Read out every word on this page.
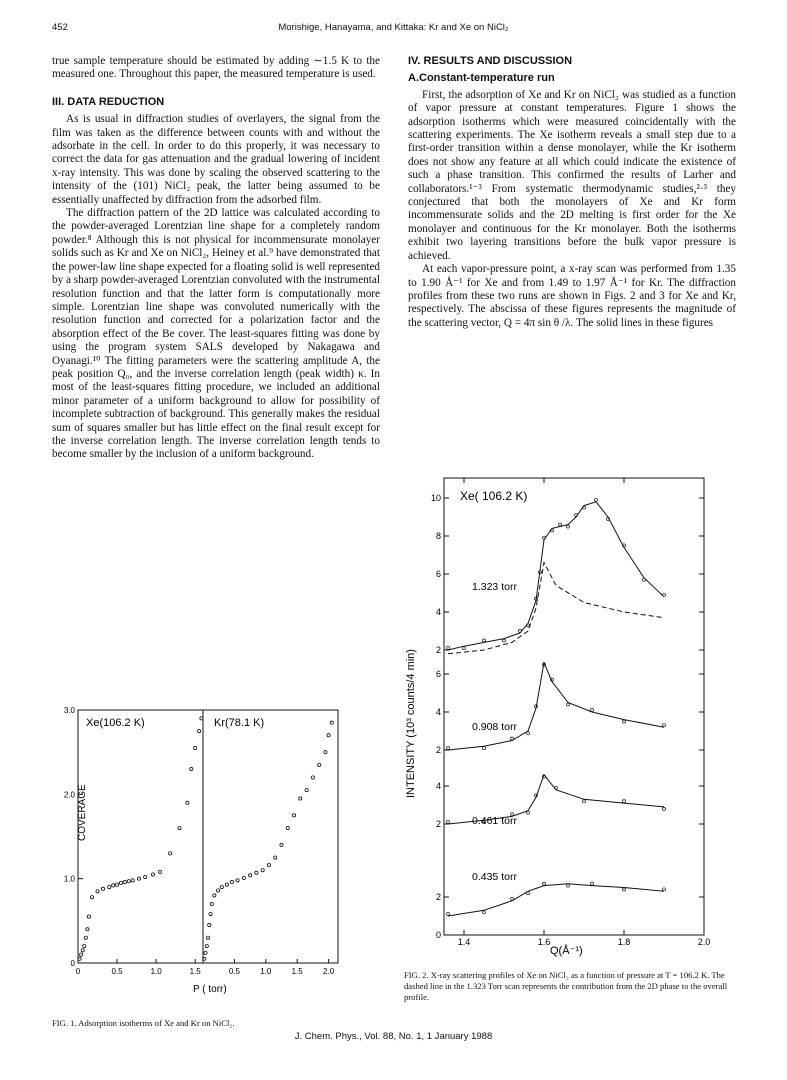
452	Morishige, Hanayama, and Kittaka: Kr and Xe on NiCl₂

true sample temperature should be estimated by adding ∼1.5 K to the measured one. Throughout this paper, the measured temperature is used.

III. DATA REDUCTION

As is usual in diffraction studies of overlayers, the signal from the film was taken as the difference between counts with and without the adsorbate in the cell. In order to do this properly, it was necessary to correct the data for gas attenuation and the gradual lowering of incident x-ray intensity. This was done by scaling the observed scattering to the intensity of the (101) NiCl₂ peak, the latter being assumed to be essentially unaffected by diffraction from the adsorbed film.

The diffraction pattern of the 2D lattice was calculated according to the powder-averaged Lorentzian line shape for a completely random powder.⁸ Although this is not physical for incommensurate monolayer solids such as Kr and Xe on NiCl₂, Heiney et al.⁹ have demonstrated that the power-law line shape expected for a floating solid is well represented by a sharp powder-averaged Lorentzian convoluted with the instrumental resolution function and that the latter form is computationally more simple. Lorentzian line shape was convoluted numerically with the resolution function and corrected for a polarization factor and the absorption effect of the Be cover. The least-squares fitting was done by using the program system SALS developed by Nakagawa and Oyanagi.¹⁰ The fitting parameters were the scattering amplitude A, the peak position Q₀, and the inverse correlation length (peak width) κ. In most of the least-squares fitting procedure, we included an additional minor parameter of a uniform background to allow for possibility of incomplete subtraction of background. This generally makes the residual sum of squares smaller but has little effect on the final result except for the inverse correlation length. The inverse correlation length tends to become smaller by the inclusion of a uniform background.

IV. RESULTS AND DISCUSSION
A.Constant-temperature run

First, the adsorption of Xe and Kr on NiCl₂ was studied as a function of vapor pressure at constant temperatures. Figure 1 shows the adsorption isotherms which were measured coincidentally with the scattering experiments. The Xe isotherm reveals a small step due to a first-order transition within a dense monolayer, while the Kr isotherm does not show any feature at all which could indicate the existence of such a phase transition. This confirmed the results of Larher and collaborators.¹⁻³ From systematic thermodynamic studies,²·³ they conjectured that both the monolayers of Xe and Kr form incommensurate solids and the 2D melting is first order for the Xe monolayer and continuous for the Kr monolayer. Both the isotherms exhibit two layering transitions before the bulk vapor pressure is achieved.

At each vapor-pressure point, a x-ray scan was performed from 1.35 to 1.90 Å⁻¹ for Xe and from 1.49 to 1.97 Å⁻¹ for Kr. The diffraction profiles from these two runs are shown in Figs. 2 and 3 for Xe and Kr, respectively. The abscissa of these figures represents the magnitude of the scattering vector, Q = 4π sin θ /λ. The solid lines in these figures

Xe(106.2 K)	Kr(78.1 K)
COVERAGE
P ( torr)
0
1.0
2.0
3.0
0	0.5	1.0	1.5	0.5	1.0	1.5	2.0
FIG. 1. Adsorption isotherms of Xe and Kr on NiCl₂.
Xe( 106.2 K)
INTENSITY (10³ counts/4 min)
Q(Å⁻¹)
2
4
6
8
10
1.323 torr
2
4
6
0.908 torr
2
4
0.461 torr
0
2
0.435 torr
1.4	1.6	1.8	2.0
FIG. 2. X-ray scattering profiles of Xe on NiCl₂ as a function of pressure at T = 106.2 K. The dashed line in the 1.323 Torr scan represents the contribution from the 2D phase to the overall profile.
J. Chem. Phys., Vol. 88, No. 1, 1 January 1988
